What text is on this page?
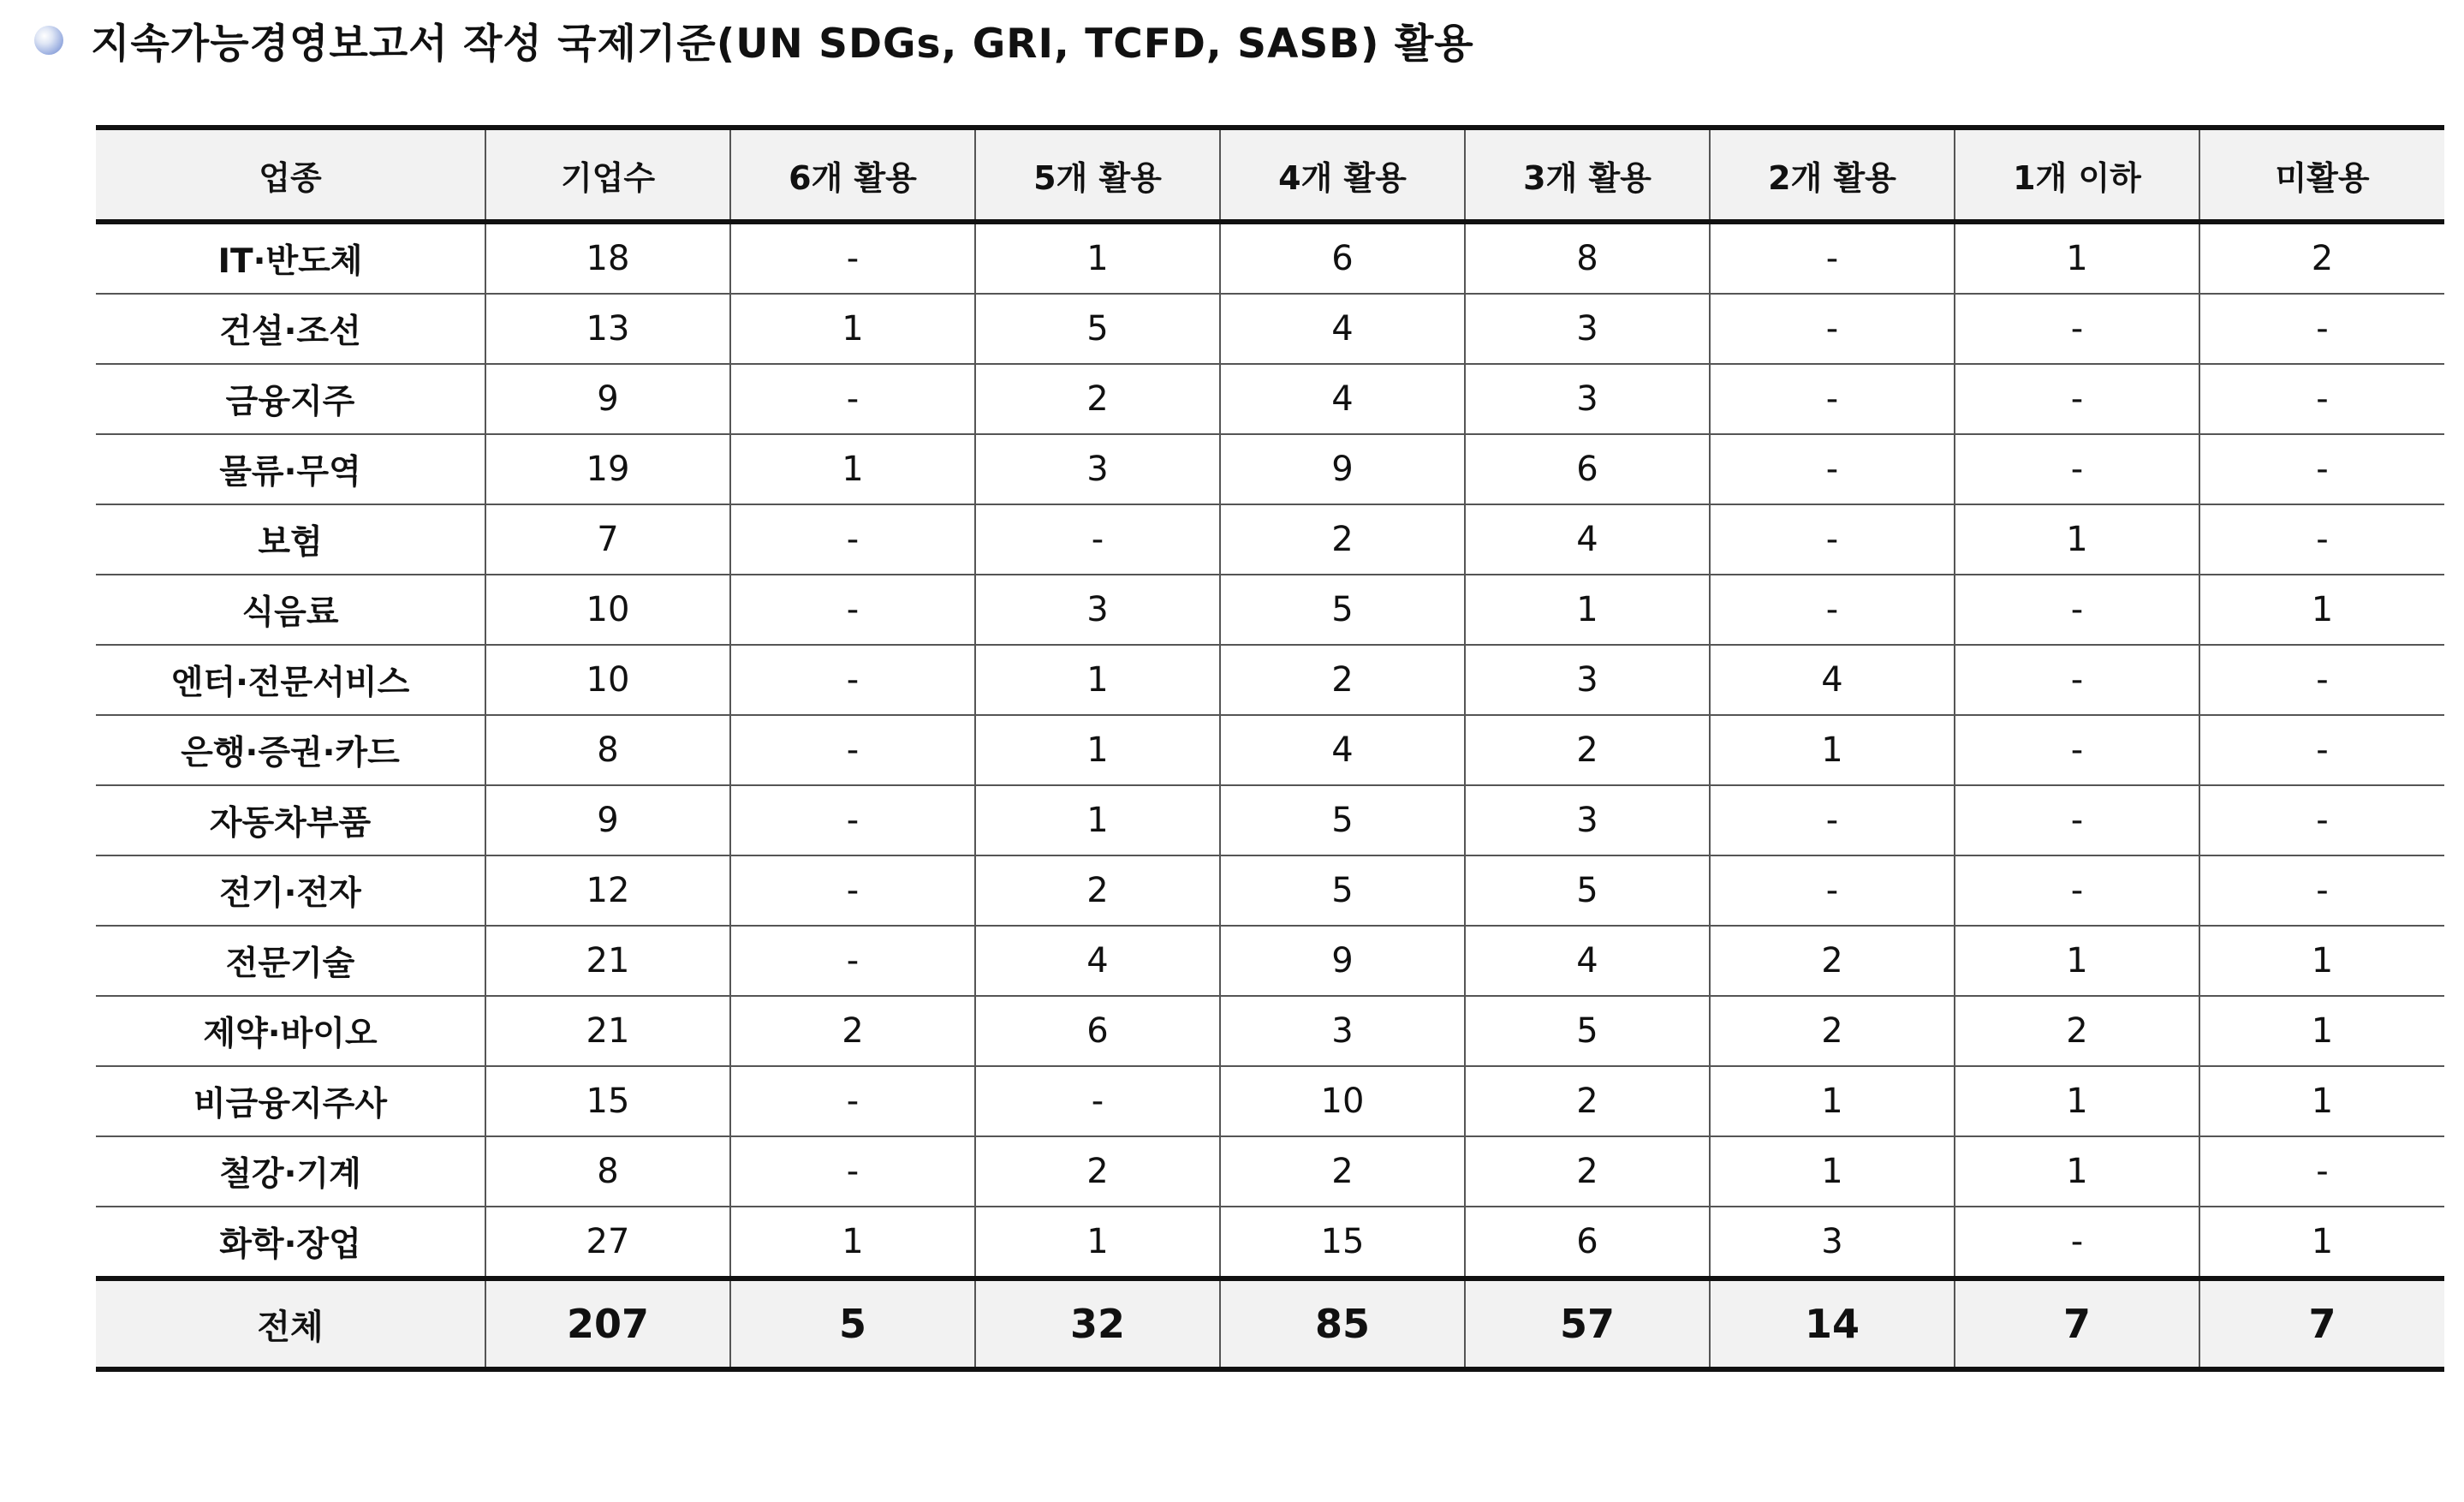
지속가능경영보고서 작성 국제기준(UN SDGs, GRI, TCFD, SASB) 활용
업종	기업수	6개 활용	5개 활용	4개 활용	3개 활용	2개 활용	1개 이하	미활용
IT·반도체	18	-	1	6	8	-	1	2
건설·조선	13	1	5	4	3	-	-	-
금융지주	9	-	2	4	3	-	-	-
물류·무역	19	1	3	9	6	-	-	-
보험	7	-	-	2	4	-	1	-
식음료	10	-	3	5	1	-	-	1
엔터·전문서비스	10	-	1	2	3	4	-	-
은행·증권·카드	8	-	1	4	2	1	-	-
자동차부품	9	-	1	5	3	-	-	-
전기·전자	12	-	2	5	5	-	-	-
전문기술	21	-	4	9	4	2	1	1
제약·바이오	21	2	6	3	5	2	2	1
비금융지주사	15	-	-	10	2	1	1	1
철강·기계	8	-	2	2	2	1	1	-
화학·장업	27	1	1	15	6	3	-	1
전체	207	5	32	85	57	14	7	7
